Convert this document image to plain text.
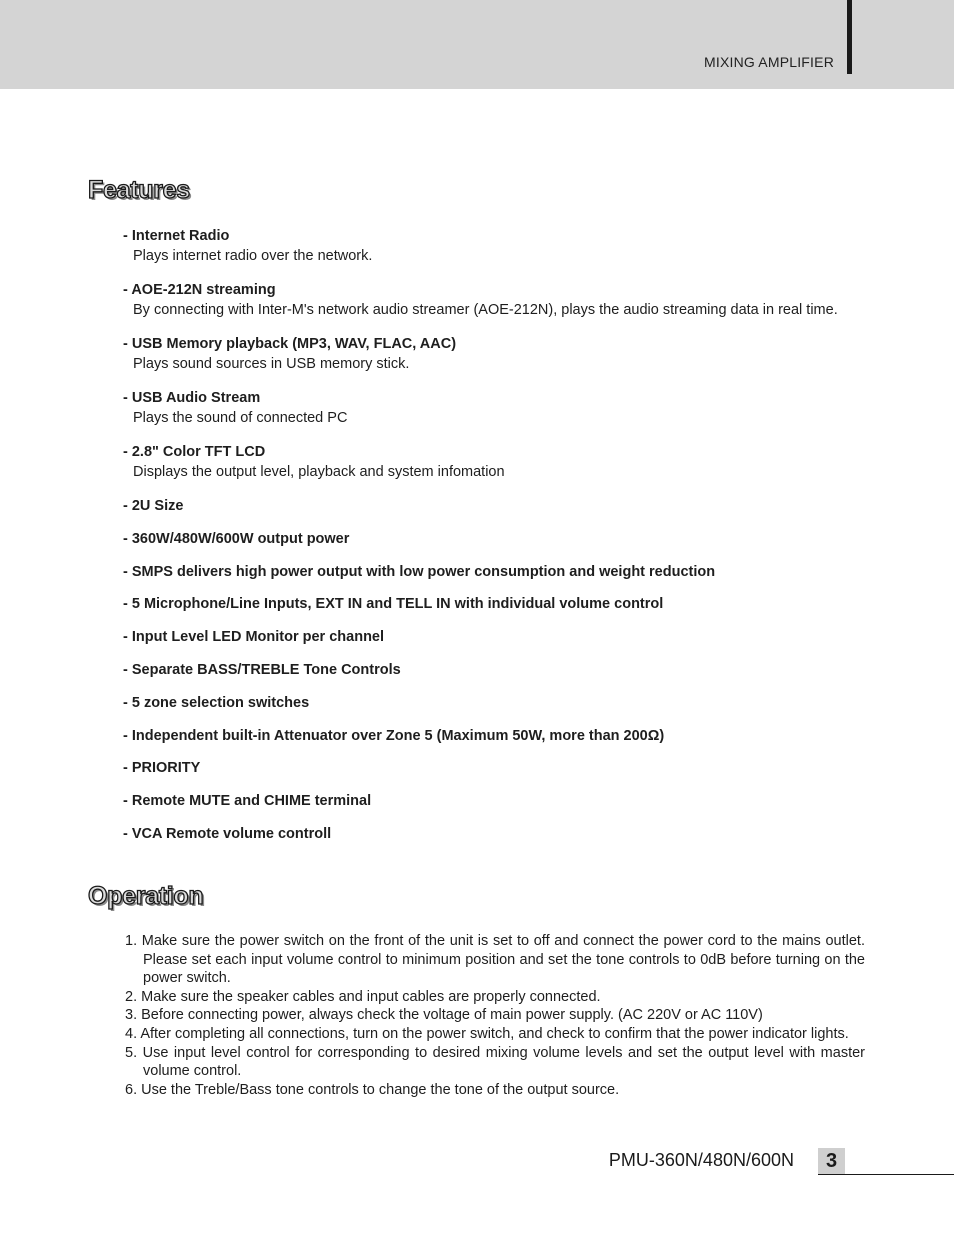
MIXING AMPLIFIER
Features
- Internet Radio
Plays internet radio over the network.
- AOE-212N streaming
By connecting with Inter-M's network audio streamer (AOE-212N), plays the audio streaming data in real time.
- USB Memory playback (MP3, WAV, FLAC, AAC)
Plays sound sources in USB memory stick.
- USB Audio Stream
Plays the sound of connected PC
- 2.8" Color TFT LCD
Displays the output level, playback and system infomation
- 2U Size
- 360W/480W/600W output power
- SMPS delivers high power output with low power consumption and weight reduction
- 5 Microphone/Line Inputs, EXT IN and TELL IN with individual volume control
- Input Level LED Monitor per channel
- Separate BASS/TREBLE Tone Controls
- 5 zone selection switches
- Independent built-in Attenuator over Zone 5 (Maximum 50W, more than 200Ω)
- PRIORITY
- Remote MUTE and CHIME terminal
- VCA Remote volume controll
Operation
1. Make sure the power switch on the front of the unit is set to off and connect the power cord to the mains outlet. Please set each input volume control to minimum position and set the tone controls to 0dB before turning on the power switch.
2. Make sure the speaker cables and input cables are properly connected.
3. Before connecting power, always check the voltage of main power supply. (AC 220V or AC 110V)
4. After completing all connections, turn on the power switch, and check to confirm that the power indicator lights.
5. Use input level control for corresponding to desired mixing volume levels and set the output level with master volume control.
6. Use the Treble/Bass tone controls to change the tone of the output source.
PMU-360N/480N/600N	3
